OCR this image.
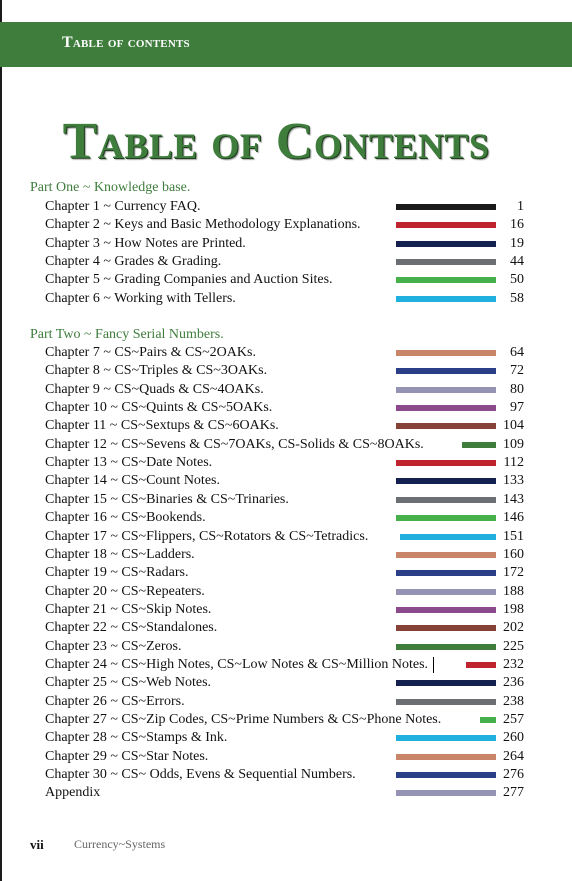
Table of contents
Table of Contents
Part One ~ Knowledge base.
Chapter 1 ~ Currency FAQ.	1
Chapter 2 ~ Keys and Basic Methodology Explanations.	16
Chapter 3 ~ How Notes are Printed.	19
Chapter 4 ~ Grades & Grading.	44
Chapter 5 ~ Grading Companies and Auction Sites.	50
Chapter 6 ~ Working with Tellers.	58
Part Two ~ Fancy Serial Numbers.
Chapter 7 ~ CS~Pairs & CS~2OAKs.	64
Chapter 8 ~ CS~Triples & CS~3OAKs.	72
Chapter 9 ~ CS~Quads & CS~4OAKs.	80
Chapter 10 ~ CS~Quints & CS~5OAKs.	97
Chapter 11 ~ CS~Sextups & CS~6OAKs.	104
Chapter 12 ~ CS~Sevens & CS~7OAKs, CS-Solids & CS~8OAKs.	109
Chapter 13 ~ CS~Date Notes.	112
Chapter 14 ~ CS~Count Notes.	133
Chapter 15 ~ CS~Binaries & CS~Trinaries.	143
Chapter 16 ~ CS~Bookends.	146
Chapter 17 ~ CS~Flippers, CS~Rotators & CS~Tetradics.	151
Chapter 18 ~ CS~Ladders.	160
Chapter 19 ~ CS~Radars.	172
Chapter 20 ~ CS~Repeaters.	188
Chapter 21 ~ CS~Skip Notes.	198
Chapter 22 ~ CS~Standalones.	202
Chapter 23 ~ CS~Zeros.	225
Chapter 24 ~ CS~High Notes, CS~Low Notes & CS~Million Notes.	232
Chapter 25 ~ CS~Web Notes.	236
Chapter 26 ~ CS~Errors.	238
Chapter 27 ~ CS~Zip Codes, CS~Prime Numbers & CS~Phone Notes.	257
Chapter 28 ~ CS~Stamps & Ink.	260
Chapter 29 ~ CS~Star Notes.	264
Chapter 30 ~ CS~ Odds, Evens & Sequential Numbers.	276
Appendix	277
vii	Currency~Systems
